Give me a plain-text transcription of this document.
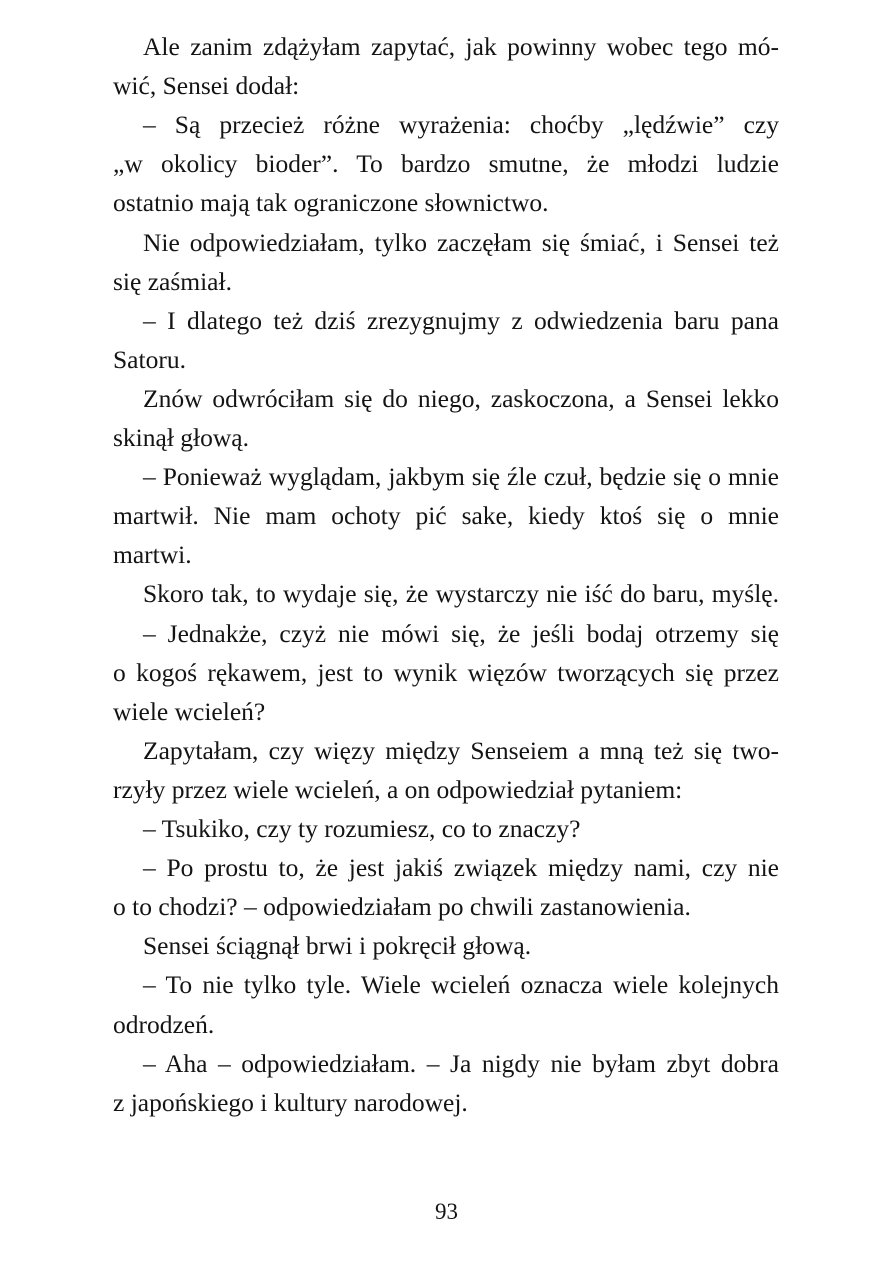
Ale zanim zdążyłam zapytać, jak powinny wobec tego mó-
wić, Sensei dodał:
– Są przecież różne wyrażenia: choćby „lędźwie” czy
„w okolicy bioder”. To bardzo smutne, że młodzi ludzie
ostatnio mają tak ograniczone słownictwo.
Nie odpowiedziałam, tylko zaczęłam się śmiać, i Sensei też
się zaśmiał.
– I dlatego też dziś zrezygnujmy z odwiedzenia baru pana
Satoru.
Znów odwróciłam się do niego, zaskoczona, a Sensei lekko
skinął głową.
– Ponieważ wyglądam, jakbym się źle czuł, będzie się o mnie
martwił. Nie mam ochoty pić sake, kiedy ktoś się o mnie
martwi.
Skoro tak, to wydaje się, że wystarczy nie iść do baru, myślę.
– Jednakże, czyż nie mówi się, że jeśli bodaj otrzemy się
o kogoś rękawem, jest to wynik więzów tworzących się przez
wiele wcieleń?
Zapytałam, czy więzy między Senseiem a mną też się two-
rzyły przez wiele wcieleń, a on odpowiedział pytaniem:
– Tsukiko, czy ty rozumiesz, co to znaczy?
– Po prostu to, że jest jakiś związek między nami, czy nie
o to chodzi? – odpowiedziałam po chwili zastanowienia.
Sensei ściągnął brwi i pokręcił głową.
– To nie tylko tyle. Wiele wcieleń oznacza wiele kolejnych
odrodzeń.
– Aha – odpowiedziałam. – Ja nigdy nie byłam zbyt dobra
z japońskiego i kultury narodowej.
93
